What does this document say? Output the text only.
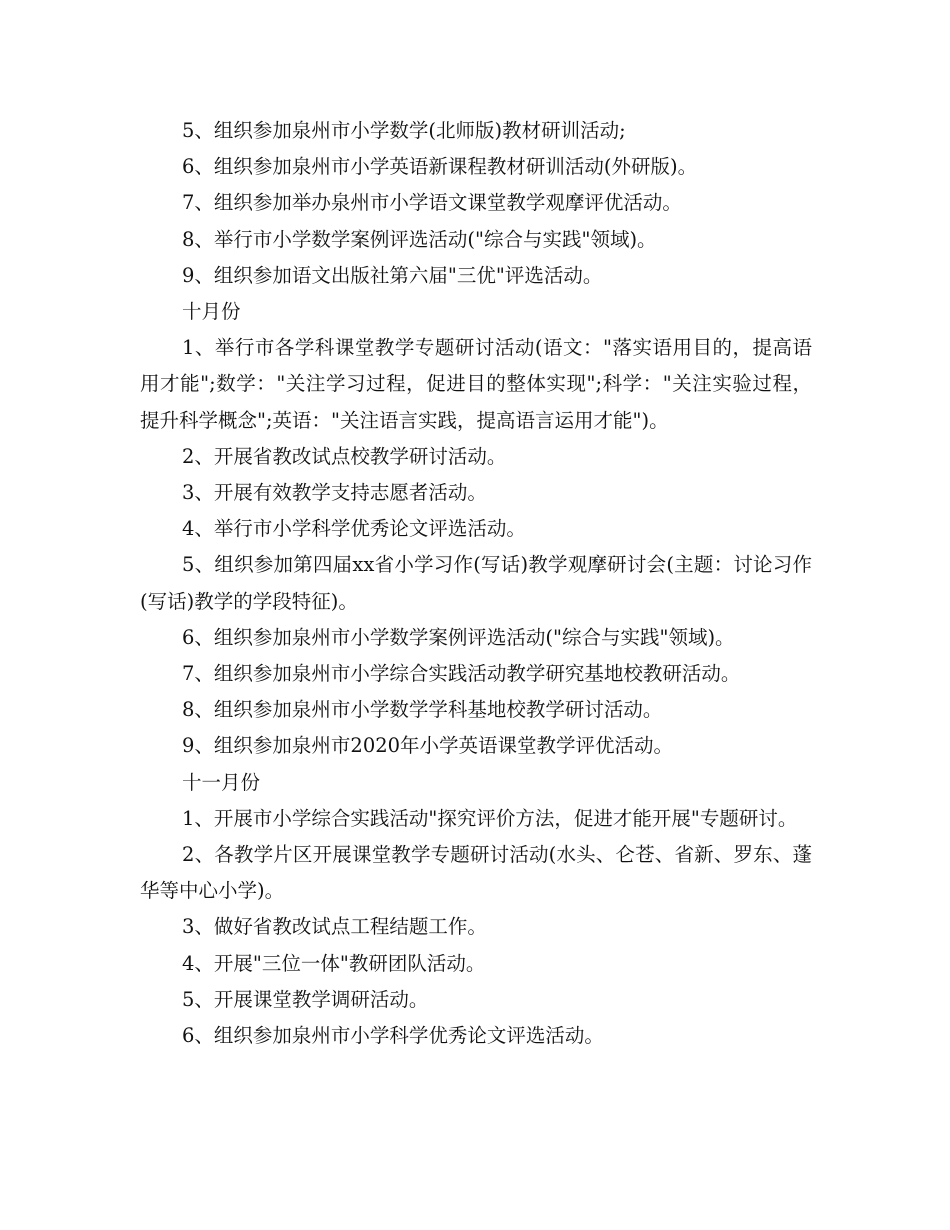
5、组织参加泉州市小学数学(北师版)教材研训活动;

6、组织参加泉州市小学英语新课程教材研训活动(外研版)。

7、组织参加举办泉州市小学语文课堂教学观摩评优活动。

8、举行市小学数学案例评选活动("综合与实践"领域)。

9、组织参加语文出版社第六届"三优"评选活动。

十月份

1、举行市各学科课堂教学专题研讨活动(语文："落实语用目的，提高语用才能";数学："关注学习过程，促进目的整体实现";科学："关注实验过程，提升科学概念";英语："关注语言实践，提高语言运用才能")。

2、开展省教改试点校教学研讨活动。

3、开展有效教学支持志愿者活动。

4、举行市小学科学优秀论文评选活动。

5、组织参加第四届xx省小学习作(写话)教学观摩研讨会(主题：讨论习作(写话)教学的学段特征)。

6、组织参加泉州市小学数学案例评选活动("综合与实践"领域)。

7、组织参加泉州市小学综合实践活动教学研究基地校教研活动。

8、组织参加泉州市小学数学学科基地校教学研讨活动。

9、组织参加泉州市2020年小学英语课堂教学评优活动。

十一月份

1、开展市小学综合实践活动"探究评价方法，促进才能开展"专题研讨。

2、各教学片区开展课堂教学专题研讨活动(水头、仑苍、省新、罗东、蓬华等中心小学)。

3、做好省教改试点工程结题工作。

4、开展"三位一体"教研团队活动。

5、开展课堂教学调研活动。

6、组织参加泉州市小学科学优秀论文评选活动。
